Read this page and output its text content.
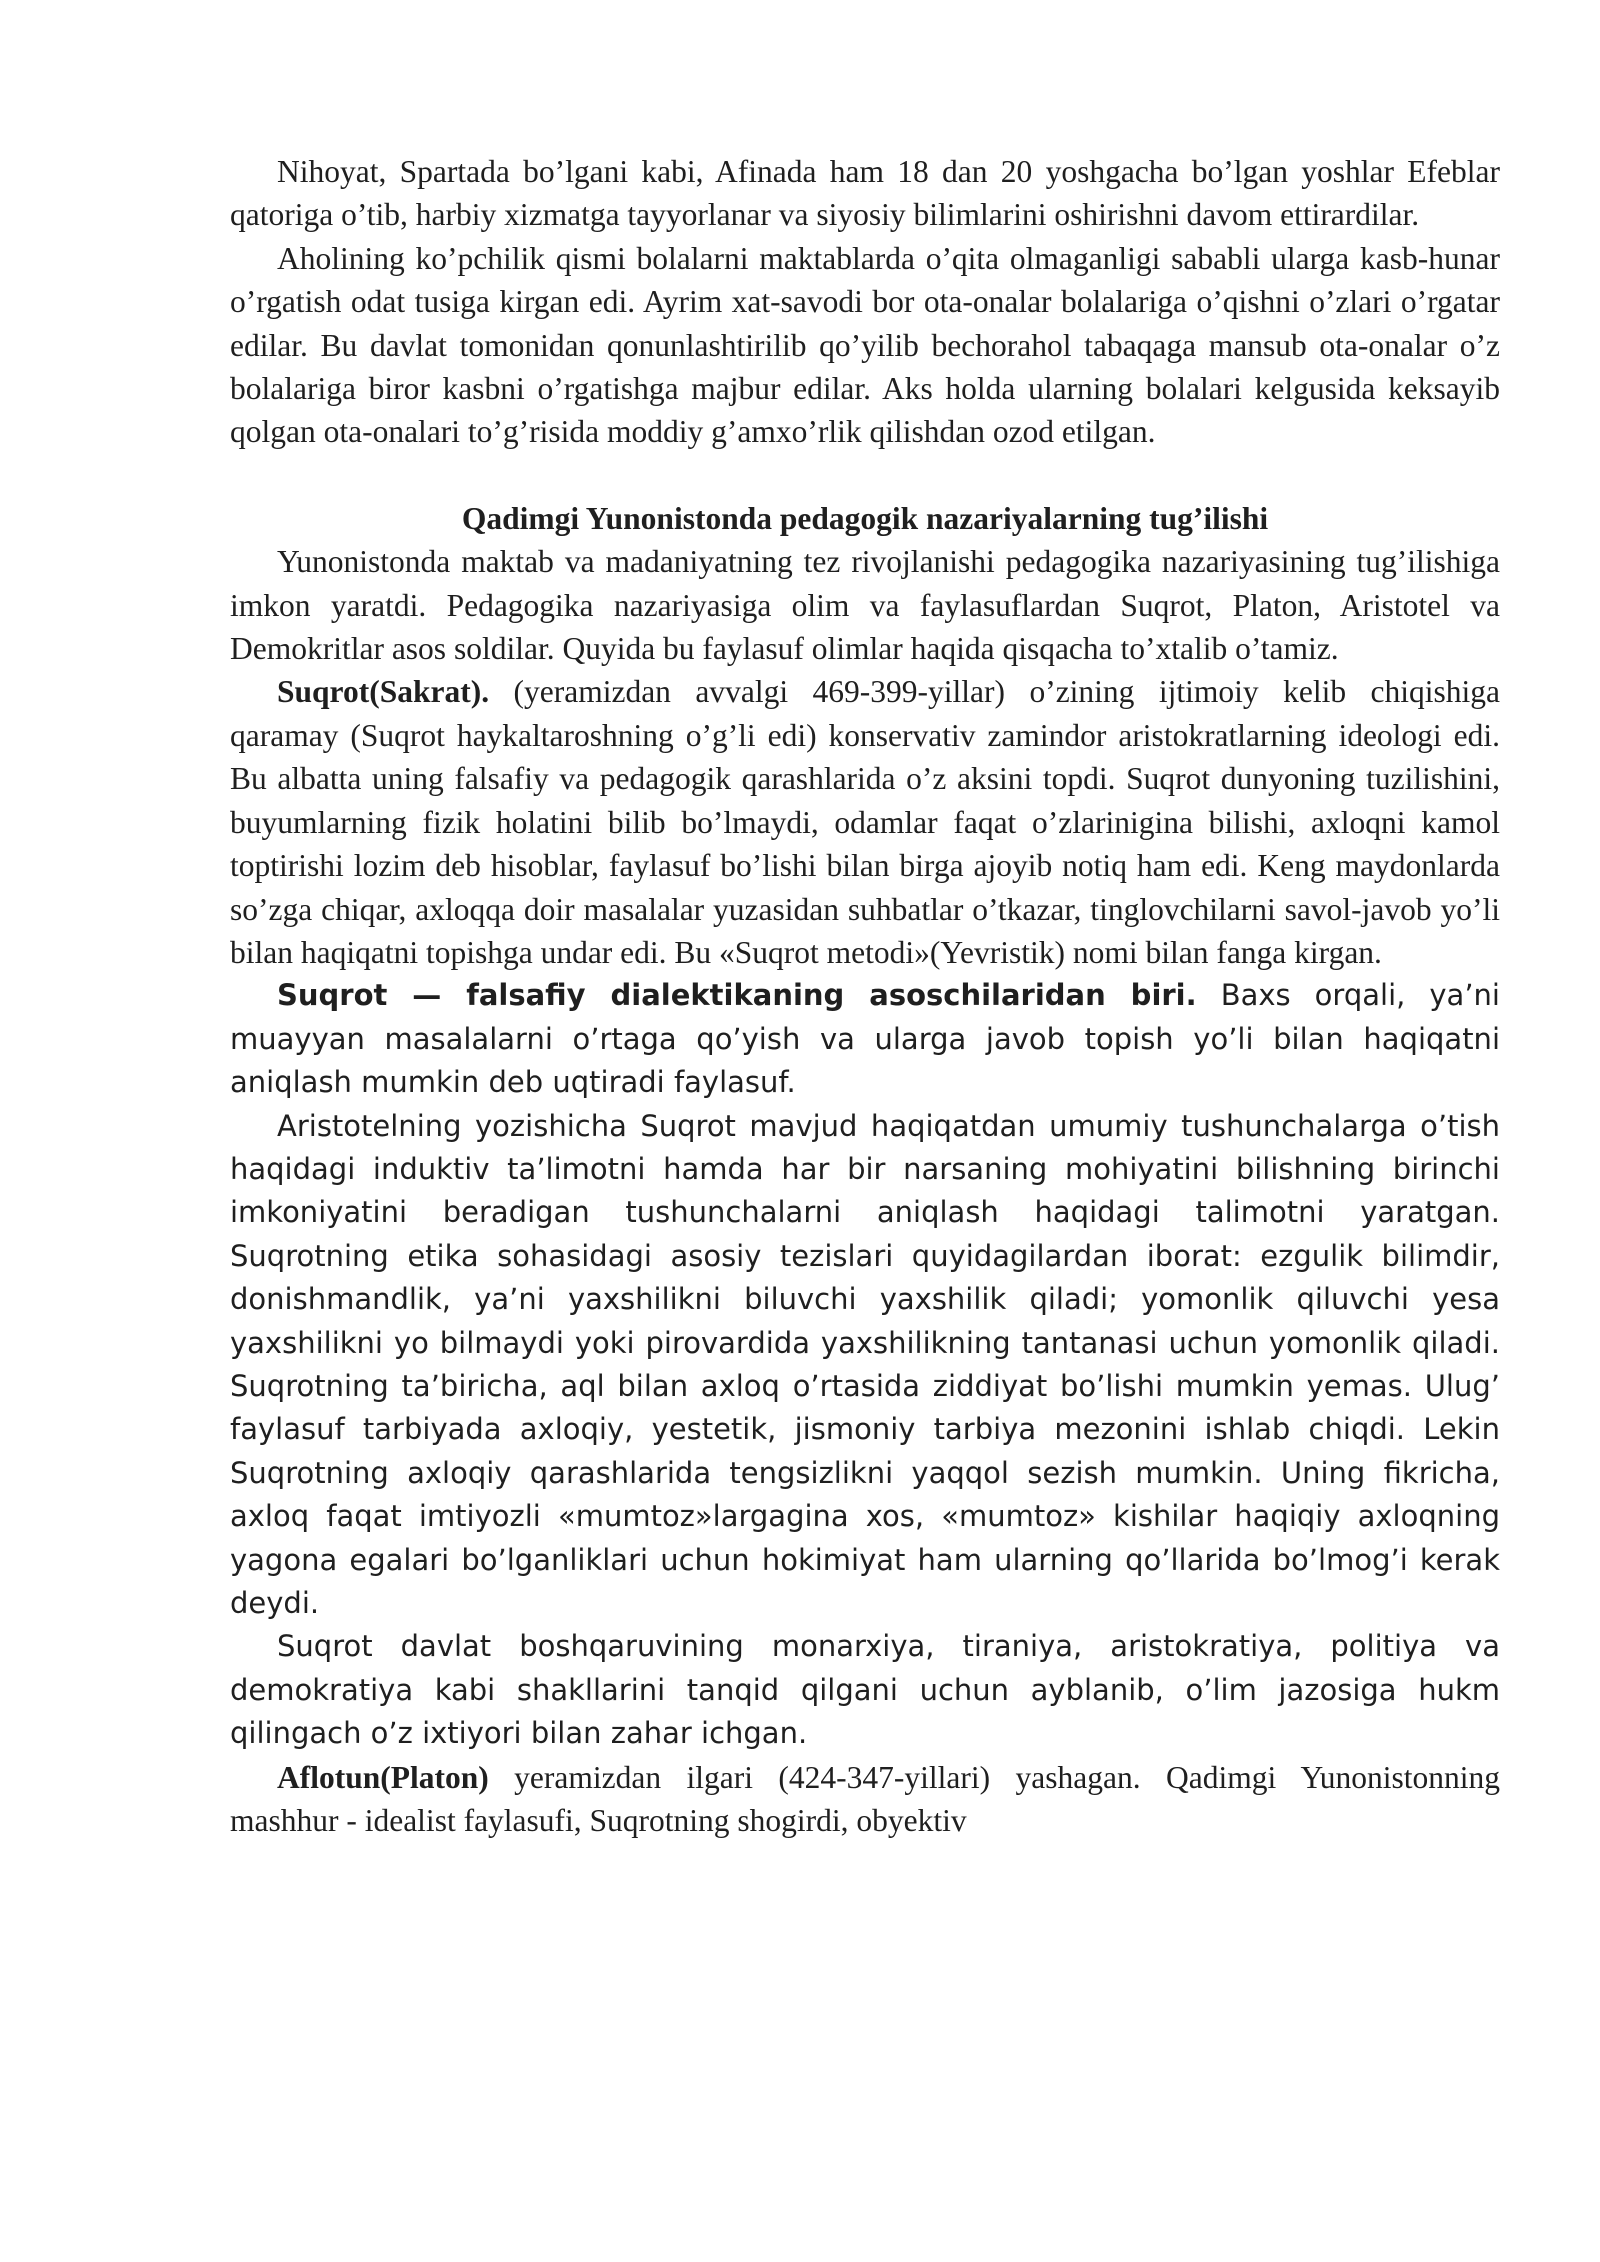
Nihoyat, Spartada bo’lgani kabi, Afinada ham 18 dan 20 yoshgacha bo’lgan yoshlar Efeblar qatoriga o’tib, harbiy xizmatga tayyorlanar va siyosiy bilimlarini oshirishni davom ettirardilar.

Aholining ko’pchilik qismi bolalarni maktablarda o’qita olmaganligi sababli ularga kasb-hunar o’rgatish odat tusiga kirgan edi. Ayrim xat-savodi bor ota-onalar bolalariga o’qishni o’zlari o’rgatar edilar. Bu davlat tomonidan qonunlashtirilib qo’yilib bechorahol tabaqaga mansub ota-onalar o’z bolalariga biror kasbni o’rgatishga majbur edilar. Aks holda ularning bolalari kelgusida keksayib qolgan ota-onalari to’g’risida moddiy g’amxo’rlik qilishdan ozod etilgan.

Qadimgi Yunonistonda pedagogik nazariyalarning tug’ilishi

Yunonistonda maktab va madaniyatning tez rivojlanishi pedagogika nazariyasining tug’ilishiga imkon yaratdi. Pedagogika nazariyasiga olim va faylasuflardan Suqrot, Platon, Aristotel va Demokritlar asos soldilar. Quyida bu faylasuf olimlar haqida qisqacha to’xtalib o’tamiz.

Suqrot(Sakrat). (yeramizdan avvalgi 469-399-yillar) o’zining ijtimoiy kelib chiqishiga qaramay (Suqrot haykaltaroshning o’g’li edi) konservativ zamindor aristokratlarning ideologi edi. Bu albatta uning falsafiy va pedagogik qarashlarida o’z aksini topdi. Suqrot dunyoning tuzilishini, buyumlarning fizik holatini bilib bo’lmaydi, odamlar faqat o’zlarinigina bilishi, axloqni kamol toptirishi lozim deb hisoblar, faylasuf bo’lishi bilan birga ajoyib notiq ham edi. Keng maydonlarda so’zga chiqar, axloqqa doir masalalar yuzasidan suhbatlar o’tkazar, tinglovchilarni savol-javob yo’li bilan haqiqatni topishga undar edi. Bu «Suqrot metodi»(Yevristik) nomi bilan fanga kirgan.

Suqrot — falsafiy dialektikaning asoschilaridan biri. Baxs orqali, ya’ni muayyan masalalarni o’rtaga qo’yish va ularga javob topish yo’li bilan haqiqatni aniqlash mumkin deb uqtiradi faylasuf.

Aristotelning yozishicha Suqrot mavjud haqiqatdan umumiy tushunchalarga o’tish haqidagi induktiv ta’limotni hamda har bir narsaning mohiyatini bilishning birinchi imkoniyatini beradigan tushunchalarni aniqlash haqidagi talimotni yaratgan. Suqrotning etika sohasidagi asosiy tezislari quyidagilardan iborat: ezgulik bilimdir, donishmandlik, ya’ni yaxshilikni biluvchi yaxshilik qiladi; yomonlik qiluvchi yesa yaxshilikni yo bilmaydi yoki pirovardida yaxshilikning tantanasi uchun yomonlik qiladi. Suqrotning ta’biricha, aql bilan axloq o’rtasida ziddiyat bo’lishi mumkin yemas. Ulug’ faylasuf tarbiyada axloqiy, yestetik, jismoniy tarbiya mezonini ishlab chiqdi. Lekin Suqrotning axloqiy qarashlarida tengsizlikni yaqqol sezish mumkin. Uning fikricha, axloq faqat imtiyozli «mumtoz»largagina xos, «mumtoz» kishilar haqiqiy axloqning yagona egalari bo’lganliklari uchun hokimiyat ham ularning qo’llarida bo’lmog’i kerak deydi.

Suqrot davlat boshqaruvining monarxiya, tiraniya, aristokratiya, politiya va demokratiya kabi shakllarini tanqid qilgani uchun ayblanib, o’lim jazosiga hukm qilingach o’z ixtiyori bilan zahar ichgan.

Aflotun(Platon) yeramizdan ilgari (424-347-yillari) yashagan. Qadimgi Yunonistonning mashhur - idealist faylasufi, Suqrotning shogirdi, obyektiv
